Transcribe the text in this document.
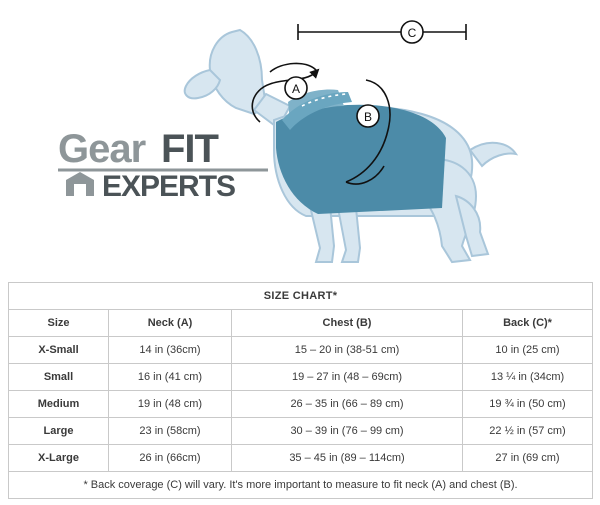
Gear FIT
EXPERTS
A
B
C
SIZE CHART*			
Size	Neck (A)	Chest (B)	Back (C)*
X-Small	14 in (36cm)	15 – 20 in (38-51 cm)	10 in (25 cm)
Small	16 in (41 cm)	19 – 27 in (48 – 69cm)	13 ¼ in (34cm)
Medium	19 in (48 cm)	26 – 35 in (66 – 89 cm)	19 ¾ in (50 cm)
Large	23 in (58cm)	30 – 39 in (76 – 99 cm)	22 ½ in (57 cm)
X-Large	26 in (66cm)	35 – 45 in (89 – 114cm)	27 in (69 cm)
* Back coverage (C) will vary. It's more important to measure to fit neck (A) and chest (B).			
